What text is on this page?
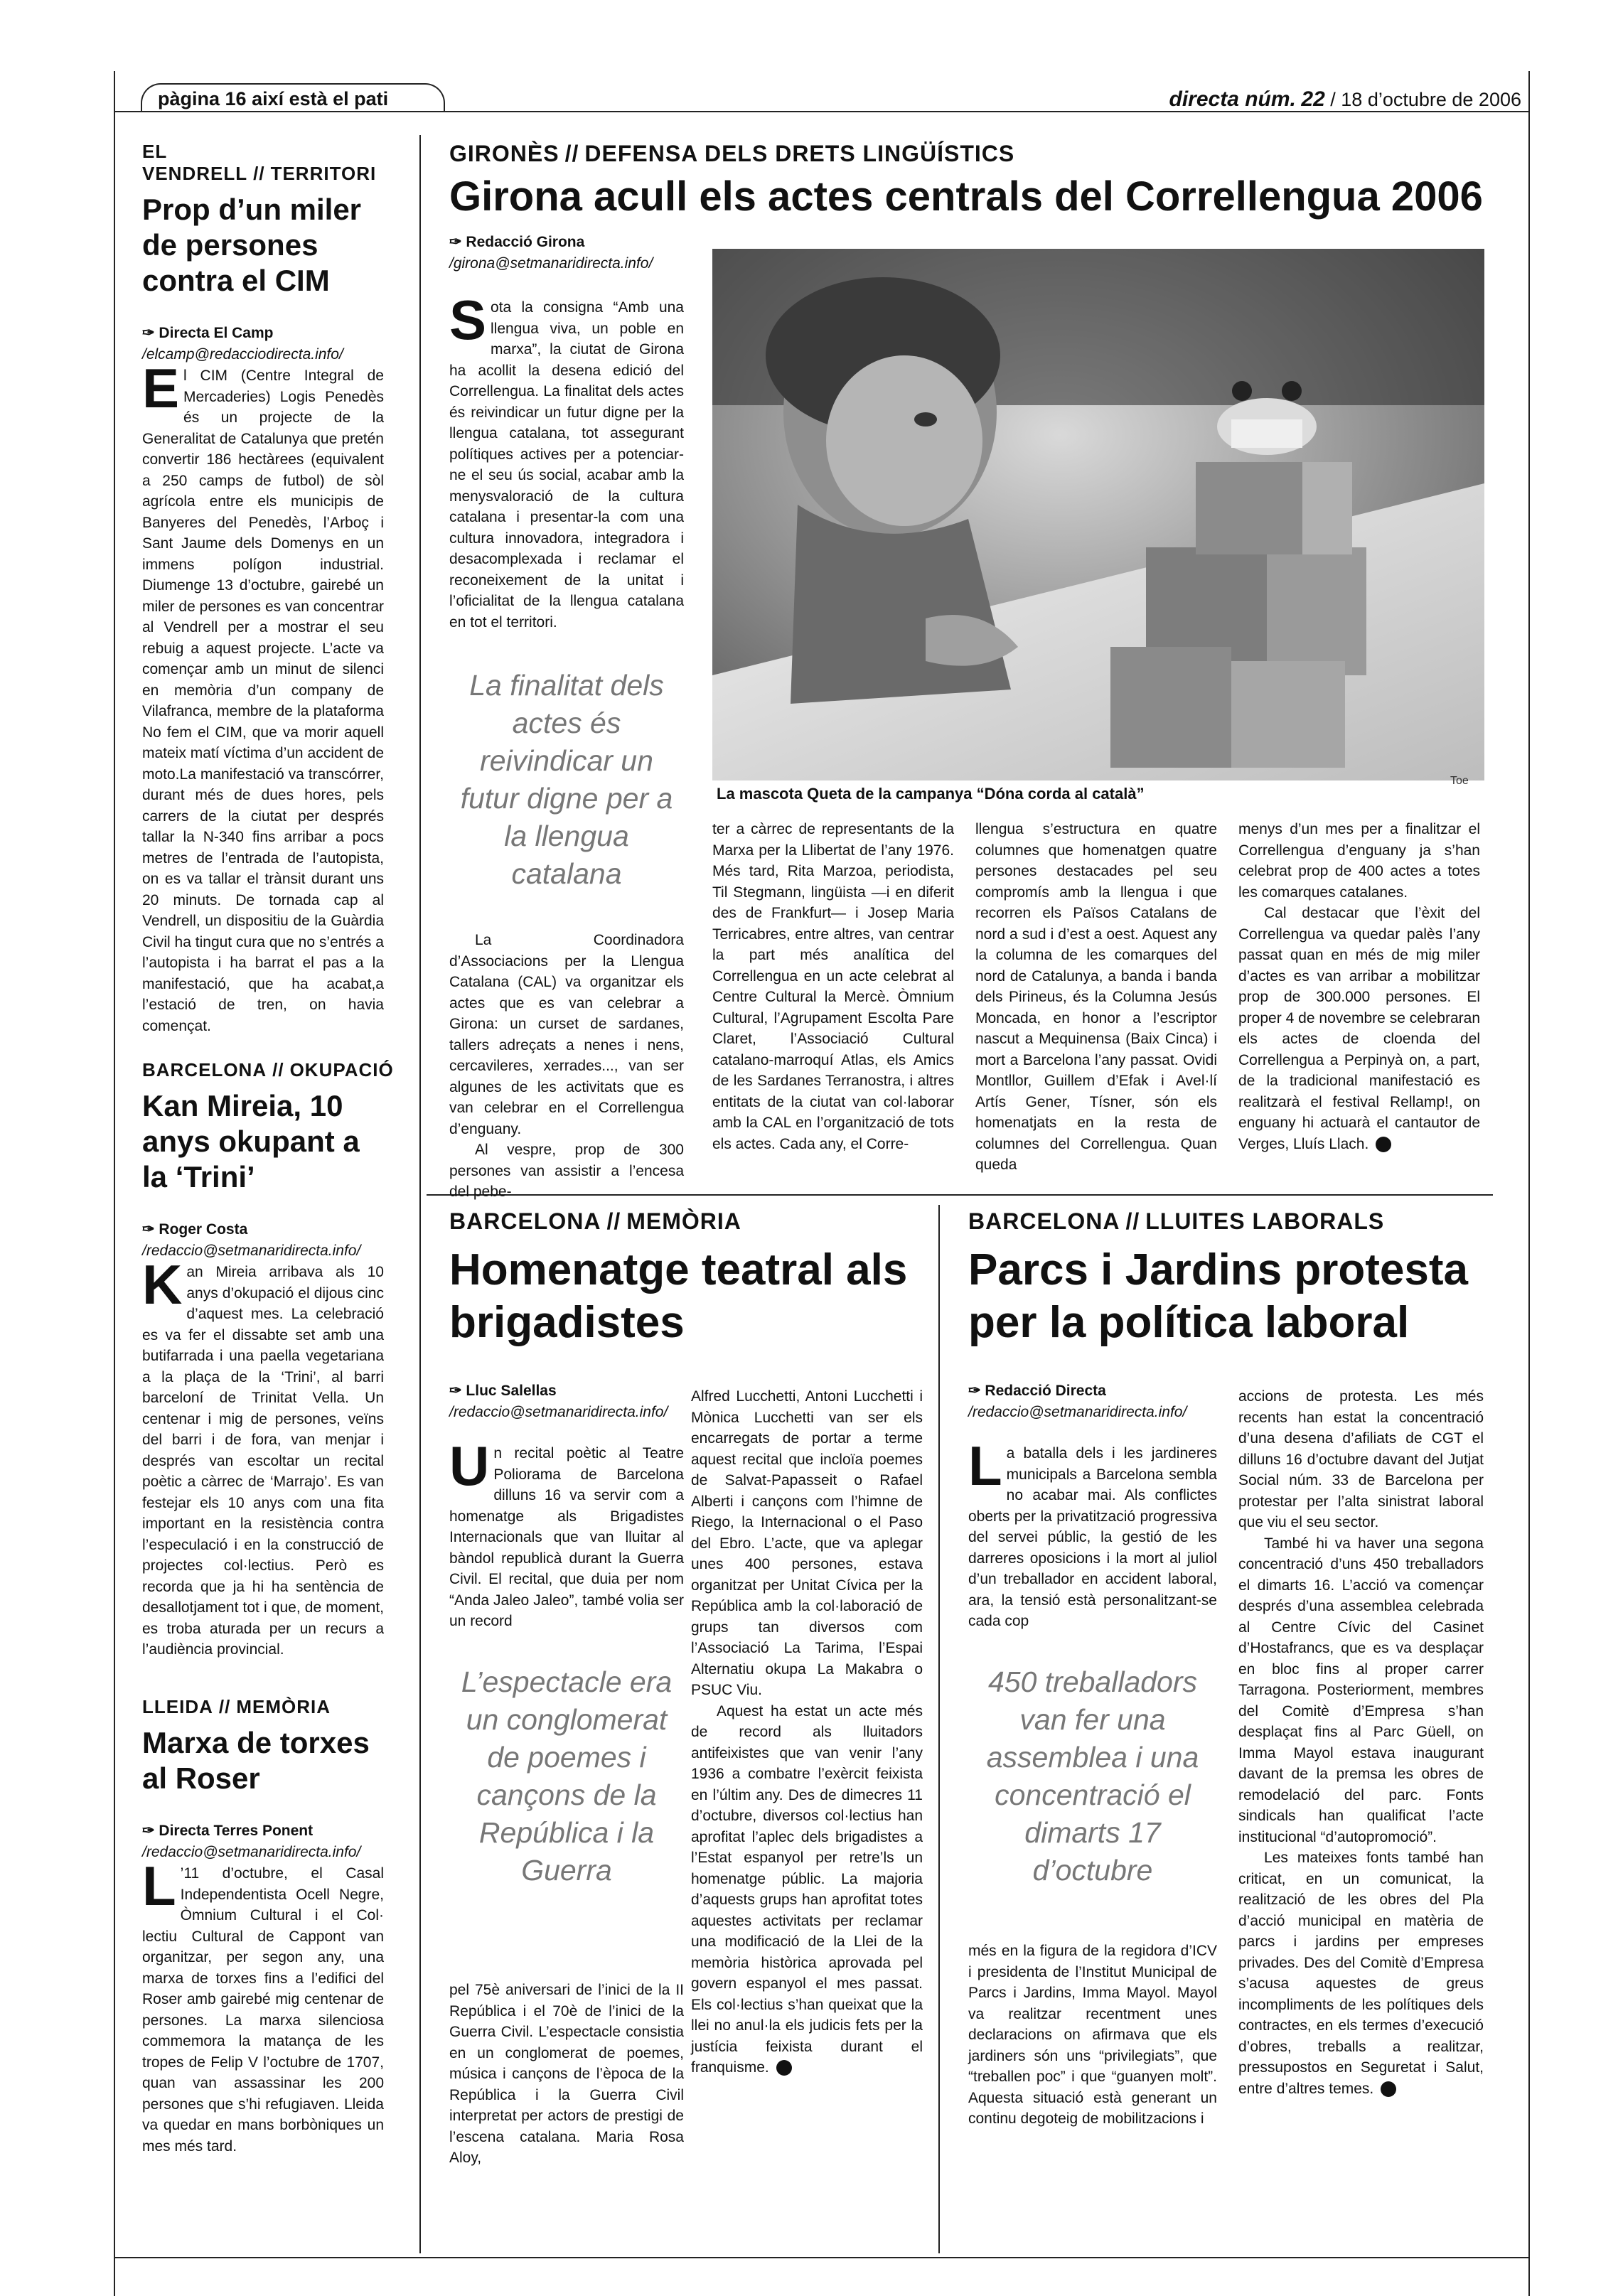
pàgina 16 així està el pati	directa núm. 22 / 18 d’octubre de 2006
EL VENDRELL // TERRITORI
Prop d’un miler de persones contra el CIM
✑ Directa El Camp
/elcamp@redacciodirecta.info/

El CIM (Centre Integral de Mercaderies) Logis Penedès és un projecte de la Generalitat de Catalunya que pretén convertir 186 hectàrees (equivalent a 250 camps de futbol) de sòl agrícola entre els municipis de Banyeres del Penedès, l’Arboç i Sant Jaume dels Domenys en un immens polígon industrial. Diumenge 13 d’octubre, gairebé un miler de persones es van concentrar al Vendrell per a mostrar el seu rebuig a aquest projecte. L’acte va començar amb un minut de silenci en memòria d’un company de Vilafranca, membre de la plataforma No fem el CIM, que va morir aquell mateix matí víctima d’un accident de moto.La manifestació va transcórrer, durant més de dues hores, pels carrers de la ciutat per després tallar la N-340 fins arribar a pocs metres de l’entrada de l’autopista, on es va tallar el trànsit durant uns 20 minuts. De tornada cap al Vendrell, un dispositiu de la Guàrdia Civil ha tingut cura que no s’entrés a l’autopista i ha barrat el pas a la manifestació, que ha acabat,a l’estació de tren, on havia començat.

BARCELONA // OKUPACIÓ
Kan Mireia, 10 anys okupant a la ‘Trini’
✑ Roger Costa
/redaccio@setmanaridirecta.info/

Kan Mireia arribava als 10 anys d’okupació el dijous cinc d’aquest mes. La celebració es va fer el dissabte set amb una butifarrada i una paella vegetariana a la plaça de la ‘Trini’, al barri barceloní de Trinitat Vella. Un centenar i mig de persones, veïns del barri i de fora, van menjar i després van escoltar un recital poètic a càrrec de ‘Marrajo’. Es van festejar els 10 anys com una fita important en la resistència contra l’especulació i en la construcció de projectes col·lectius. Però es recorda que ja hi ha sentència de desallotjament tot i que, de moment, es troba aturada per un recurs a l’audiència provincial.

LLEIDA // MEMÒRIA
Marxa de torxes al Roser
✑ Directa Terres Ponent
/redaccio@setmanaridirecta.info/

L ’11 d’octubre, el Casal Independentista Ocell Negre, Òmnium Cultural i el Col· lectiu Cultural de Cappont van organitzar, per segon any, una marxa de torxes fins a l’edifici del Roser amb gairebé mig centenar de persones. La marxa silenciosa commemora la matança de les tropes de Felip V l’octubre de 1707, quan van assassinar les 200 persones que s’hi refugiaven. Lleida va quedar en mans borbòniques un mes més tard.

GIRONÈS // DEFENSA DELS DRETS LINGÜÍSTICS
Girona acull els actes centrals del Correllengua 2006
✑ Redacció Girona
/girona@setmanaridirecta.info/

Sota la consigna “Amb una llengua viva, un poble en marxa”, la ciutat de Girona ha acollit la desena edició del Correllengua. La finalitat dels actes és reivindicar un futur digne per la llengua catalana, tot assegurant polítiques actives per a potenciar-ne el seu ús social, acabar amb la menysvaloració de la cultura catalana i presentar-la com una cultura innovadora, integradora i desacomplexada i reclamar el reconeixement de la unitat i l’oficialitat de la llengua catalana en tot el territori.

La finalitat dels actes és reivindicar un futur digne per a la llengua catalana

La Coordinadora d’Associacions per la Llengua Catalana (CAL) va organitzar els actes que es van celebrar a Girona: un curset de sardanes, tallers adreçats a nenes i nens, cercavileres, xerrades..., van ser algunes de les activitats que es van celebrar en el Correllengua d’enguany.

Al vespre, prop de 300 persones van assistir a l’encesa del pebe-

La mascota Queta de la campanya “Dóna corda al català”
Toe

ter a càrrec de representants de la Marxa per la Llibertat de l’any 1976. Més tard, Rita Marzoa, periodista, Til Stegmann, lingüista —i en diferit des de Frankfurt— i Josep Maria Terricabres, entre altres, van centrar la part més analítica del Correllengua en un acte celebrat al Centre Cultural la Mercè. Òmnium Cultural, l’Agrupament Escolta Pare Claret, l’Associació Cultural catalano-marroquí Atlas, els Amics de les Sardanes Terranostra, i altres entitats de la ciutat van col·laborar amb la CAL en l’organització de tots els actes. Cada any, el Corre-

llengua s’estructura en quatre columnes que homenatgen quatre persones destacades pel seu compromís amb la llengua i que recorren els Països Catalans de nord a sud i d’est a oest. Aquest any la columna de les comarques del nord de Catalunya, a banda i banda dels Pirineus, és la Columna Jesús Moncada, en honor a l’escriptor nascut a Mequinensa (Baix Cinca) i mort a Barcelona l’any passat. Ovidi Montllor, Guillem d’Efak i Avel·lí Artís Gener, Tísner, són els homenatjats en la resta de columnes del Correllengua. Quan queda

menys d’un mes per a finalitzar el Correllengua d’enguany ja s’han celebrat prop de 400 actes a totes les comarques catalanes.

Cal destacar que l’èxit del Correllengua va quedar palès l’any passat quan en més de mig miler d’actes es van arribar a mobilitzar prop de 300.000 persones. El proper 4 de novembre se celebraran els actes de cloenda del Correllengua a Perpinyà on, a part, de la tradicional manifestació es realitzarà el festival Rellamp!, on enguany hi actuarà el cantautor de Verges, Lluís Llach.

BARCELONA // MEMÒRIA
Homenatge teatral als brigadistes
✑ Lluc Salellas
/redaccio@setmanaridirecta.info/

Un recital poètic al Teatre Poliorama de Barcelona dilluns 16 va servir com a homenatge als Brigadistes Internacionals que van lluitar al bàndol republicà durant la Guerra Civil. El recital, que duia per nom “Anda Jaleo Jaleo”, també volia ser un record

L’espectacle era un conglomerat de poemes i cançons de la República i la Guerra

pel 75è aniversari de l’inici de la II República i el 70è de l’inici de la Guerra Civil. L’espectacle consistia en un conglomerat de poemes, música i cançons de l’època de la República i la Guerra Civil interpretat per actors de prestigi de l’escena catalana. Maria Rosa Aloy,

Alfred Lucchetti, Antoni Lucchetti i Mònica Lucchetti van ser els encarregats de portar a terme aquest recital que incloïa poemes de Salvat-Papasseit o Rafael Alberti i cançons com l’himne de Riego, la Internacional o el Paso del Ebro. L’acte, que va aplegar unes 400 persones, estava organitzat per Unitat Cívica per la República amb la col·laboració de grups tan diversos com l’Associació La Tarima, l’Espai Alternatiu okupa La Makabra o PSUC Viu.

Aquest ha estat un acte més de record als lluitadors antifeixistes que van venir l’any 1936 a combatre l’exèrcit feixista en l’últim any. Des de dimecres 11 d’octubre, diversos col·lectius han aprofitat l’aplec dels brigadistes a l’Estat espanyol per retre’ls un homenatge públic. La majoria d’aquests grups han aprofitat totes aquestes activitats per reclamar una modificació de la Llei de la memòria històrica aprovada pel govern espanyol el mes passat. Els col·lectius s’han queixat que la llei no anul·la els judicis fets per la justícia feixista durant el franquisme.

BARCELONA // LLUITES LABORALS
Parcs i Jardins protesta per la política laboral
✑ Redacció Directa
/redaccio@setmanaridirecta.info/

La batalla dels i les jardineres municipals a Barcelona sembla no acabar mai. Als conflictes oberts per la privatització progressiva del servei públic, la gestió de les darreres oposicions i la mort al juliol d’un treballador en accident laboral, ara, la tensió està personalitzant-se cada cop

450 treballadors van fer una assemblea i una concentració el dimarts 17 d’octubre

més en la figura de la regidora d’ICV i presidenta de l’Institut Municipal de Parcs i Jardins, Imma Mayol. Mayol va realitzar recentment unes declaracions on afirmava que els jardiners són uns “privilegiats”, que “treballen poc” i que “guanyen molt”. Aquesta situació està generant un continu degoteig de mobilitzacions i

accions de protesta. Les més recents han estat la concentració d’una desena d’afiliats de CGT el dilluns 16 d’octubre davant del Jutjat Social núm. 33 de Barcelona per protestar per l’alta sinistrat laboral que viu el seu sector.

També hi va haver una segona concentració d’uns 450 treballadors el dimarts 16. L’acció va començar després d’una assemblea celebrada al Centre Cívic del Casinet d’Hostafrancs, que es va desplaçar en bloc fins al proper carrer Tarragona. Posteriorment, membres del Comitè d’Empresa s’han desplaçat fins al Parc Güell, on Imma Mayol estava inaugurant davant de la premsa les obres de remodelació del parc. Fonts sindicals han qualificat l’acte institucional “d’autopromoció”.

Les mateixes fonts també han criticat, en un comunicat, la realització de les obres del Pla d’acció municipal en matèria de parcs i jardins per empreses privades. Des del Comitè d’Empresa s’acusa aquestes de greus incompliments de les polítiques dels contractes, en els termes d’execució d’obres, treballs a realitzar, pressupostos en Seguretat i Salut, entre d’altres temes.
